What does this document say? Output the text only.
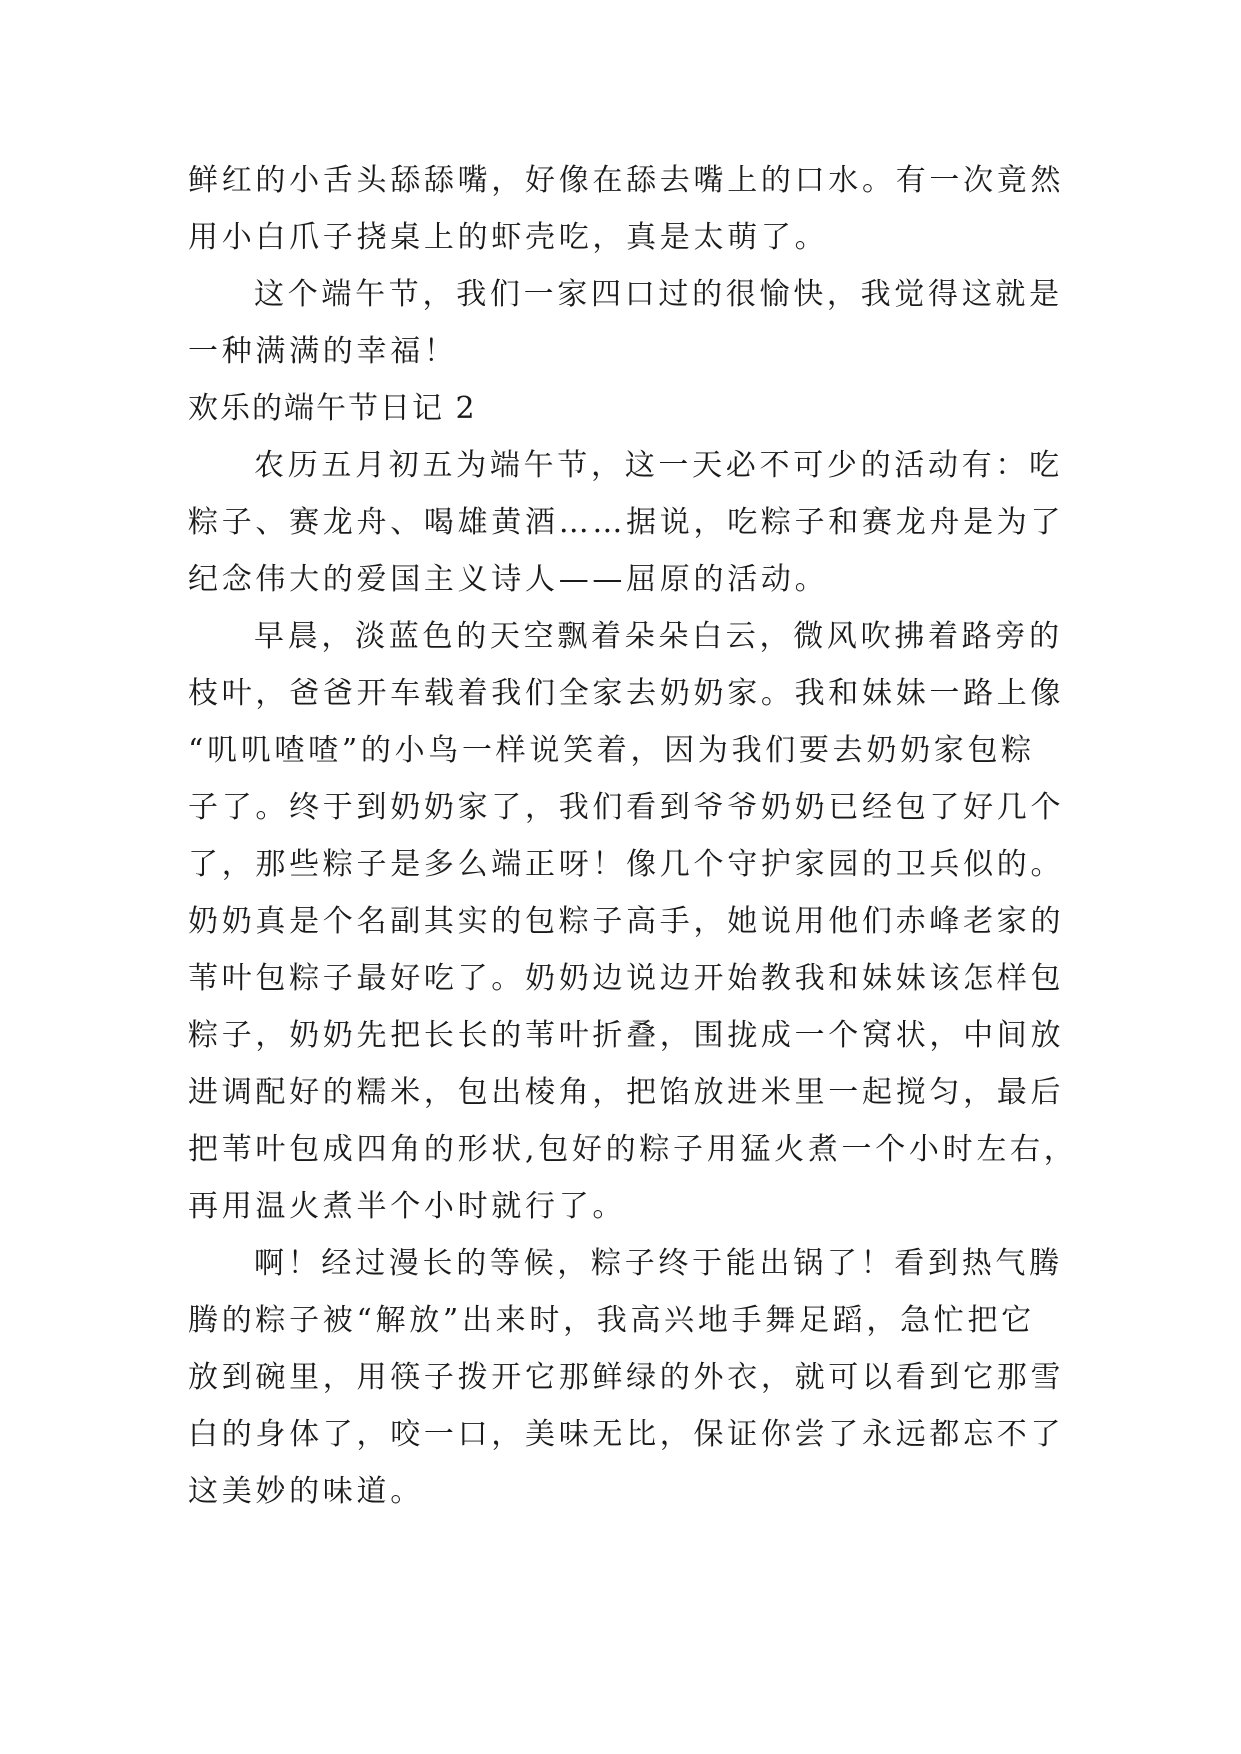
鲜红的小舌头舔舔嘴，好像在舔去嘴上的口水。有一次竟然
用小白爪子挠桌上的虾壳吃，真是太萌了。
这个端午节，我们一家四口过的很愉快，我觉得这就是
一种满满的幸福！
欢乐的端午节日记 2
农历五月初五为端午节，这一天必不可少的活动有：吃
粽子、赛龙舟、喝雄黄酒……据说，吃粽子和赛龙舟是为了
纪念伟大的爱国主义诗人——屈原的活动。
早晨，淡蓝色的天空飘着朵朵白云，微风吹拂着路旁的
枝叶，爸爸开车载着我们全家去奶奶家。我和妹妹一路上像
“叽叽喳喳”的小鸟一样说笑着，因为我们要去奶奶家包粽
子了。终于到奶奶家了，我们看到爷爷奶奶已经包了好几个
了，那些粽子是多么端正呀！像几个守护家园的卫兵似的。
奶奶真是个名副其实的包粽子高手，她说用他们赤峰老家的
苇叶包粽子最好吃了。奶奶边说边开始教我和妹妹该怎样包
粽子，奶奶先把长长的苇叶折叠，围拢成一个窝状，中间放
进调配好的糯米，包出棱角，把馅放进米里一起搅匀，最后
把苇叶包成四角的形状,包好的粽子用猛火煮一个小时左右，
再用温火煮半个小时就行了。
啊！经过漫长的等候，粽子终于能出锅了！看到热气腾
腾的粽子被“解放”出来时，我高兴地手舞足蹈，急忙把它
放到碗里，用筷子拨开它那鲜绿的外衣，就可以看到它那雪
白的身体了，咬一口，美味无比，保证你尝了永远都忘不了
这美妙的味道。
